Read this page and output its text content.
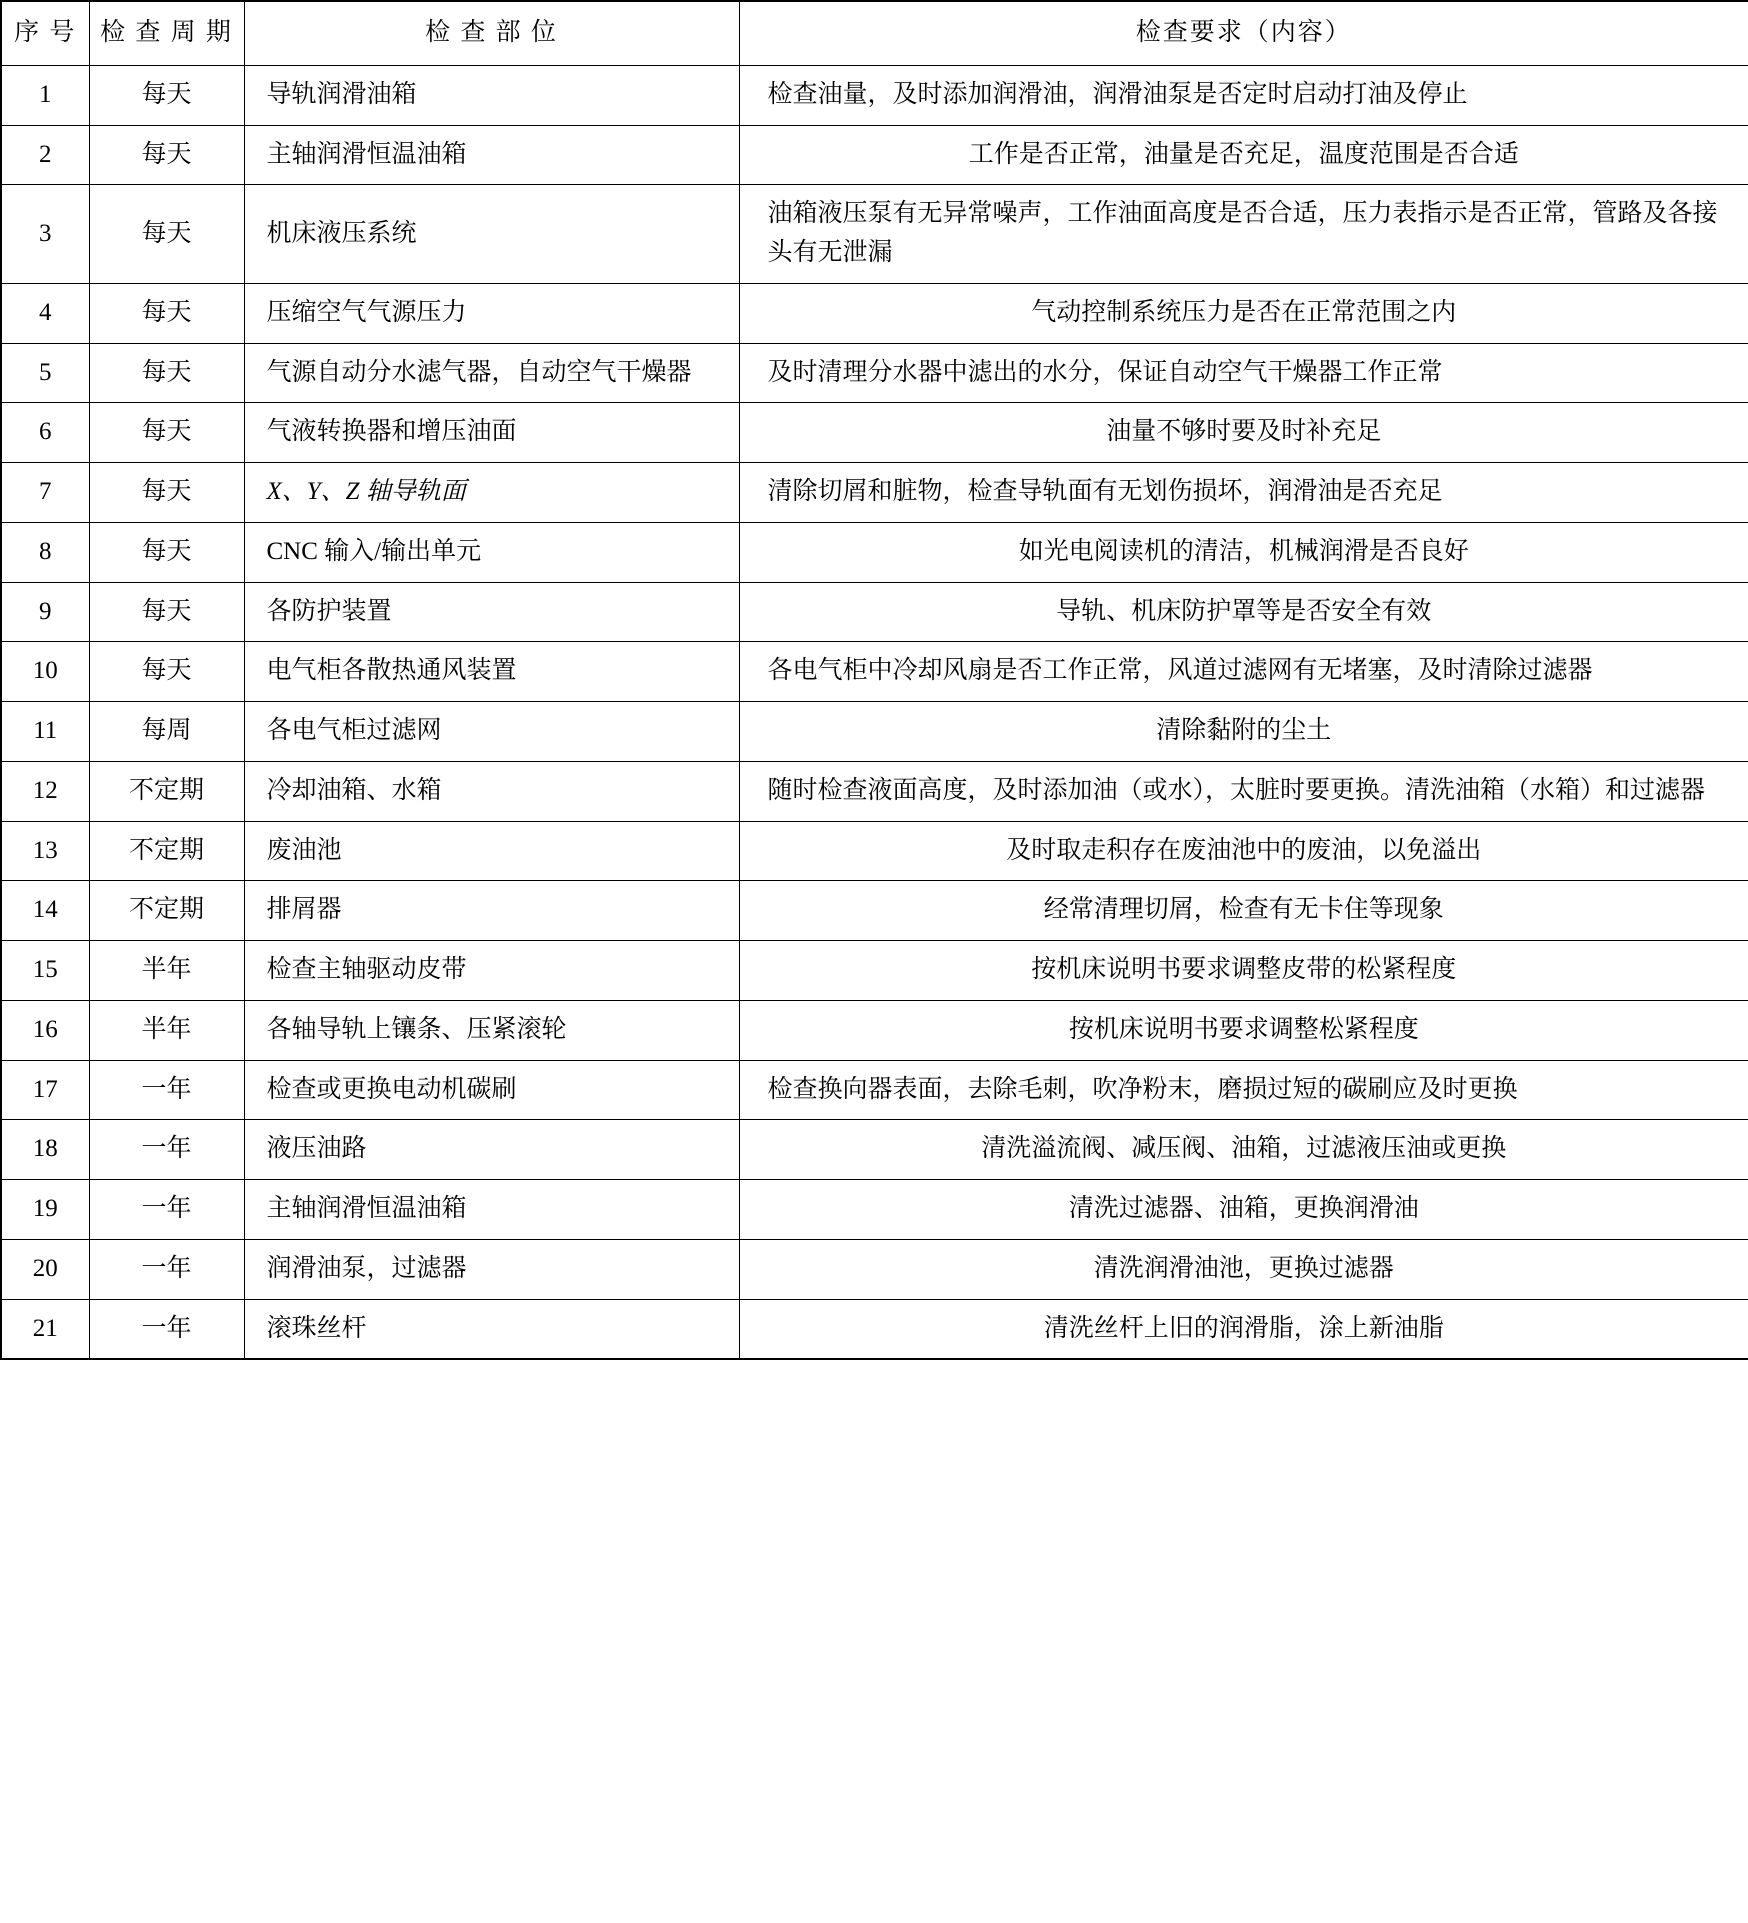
序 号	检 查 周 期	检 查 部 位	检查要求（内容）
1	每天	导轨润滑油箱	检查油量，及时添加润滑油，润滑油泵是否定时启动打油及停止
2	每天	主轴润滑恒温油箱	工作是否正常，油量是否充足，温度范围是否合适
3	每天	机床液压系统	油箱液压泵有无异常噪声，工作油面高度是否合适，压力表指示是否正常，管路及各接头有无泄漏
4	每天	压缩空气气源压力	气动控制系统压力是否在正常范围之内
5	每天	气源自动分水滤气器，自动空气干燥器	及时清理分水器中滤出的水分，保证自动空气干燥器工作正常
6	每天	气液转换器和增压油面	油量不够时要及时补充足
7	每天	X、Y、Z 轴导轨面	清除切屑和脏物，检查导轨面有无划伤损坏，润滑油是否充足
8	每天	CNC 输入/输出单元	如光电阅读机的清洁，机械润滑是否良好
9	每天	各防护装置	导轨、机床防护罩等是否安全有效
10	每天	电气柜各散热通风装置	各电气柜中冷却风扇是否工作正常，风道过滤网有无堵塞，及时清除过滤器
11	每周	各电气柜过滤网	清除黏附的尘土
12	不定期	冷却油箱、水箱	随时检查液面高度，及时添加油（或水），太脏时要更换。清洗油箱（水箱）和过滤器
13	不定期	废油池	及时取走积存在废油池中的废油，以免溢出
14	不定期	排屑器	经常清理切屑，检查有无卡住等现象
15	半年	检查主轴驱动皮带	按机床说明书要求调整皮带的松紧程度
16	半年	各轴导轨上镶条、压紧滚轮	按机床说明书要求调整松紧程度
17	一年	检查或更换电动机碳刷	检查换向器表面，去除毛刺，吹净粉末，磨损过短的碳刷应及时更换
18	一年	液压油路	清洗溢流阀、减压阀、油箱，过滤液压油或更换
19	一年	主轴润滑恒温油箱	清洗过滤器、油箱，更换润滑油
20	一年	润滑油泵，过滤器	清洗润滑油池，更换过滤器
21	一年	滚珠丝杆	清洗丝杆上旧的润滑脂，涂上新油脂
